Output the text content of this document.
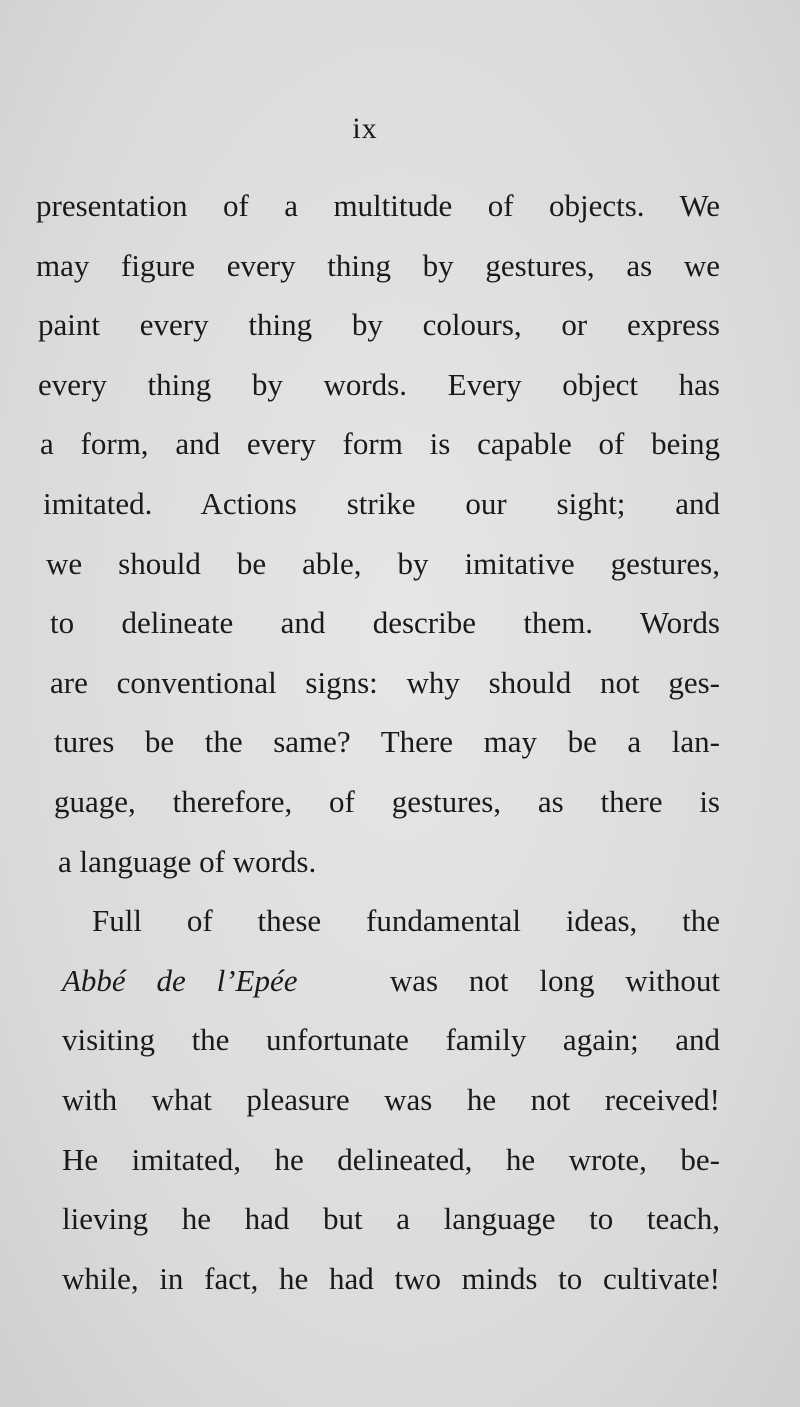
ix
presentation of a multitude of objects. We
may figure every thing by gestures, as we
paint every thing by colours, or express
every thing by words. Every object has
a form, and every form is capable of being
imitated. Actions strike our sight; and
we should be able, by imitative gestures,
to delineate and describe them. Words
are conventional signs: why should not ges-
tures be the same? There may be a lan-
guage, therefore, of gestures, as there is
a language of words.
Full of these fundamental ideas, the
Abbé de l’Epée	was not long without
visiting the unfortunate family again; and
with what pleasure was he not received!
He imitated, he delineated, he wrote, be-
lieving he had but a language to teach,
while, in fact, he had two minds to cultivate!
